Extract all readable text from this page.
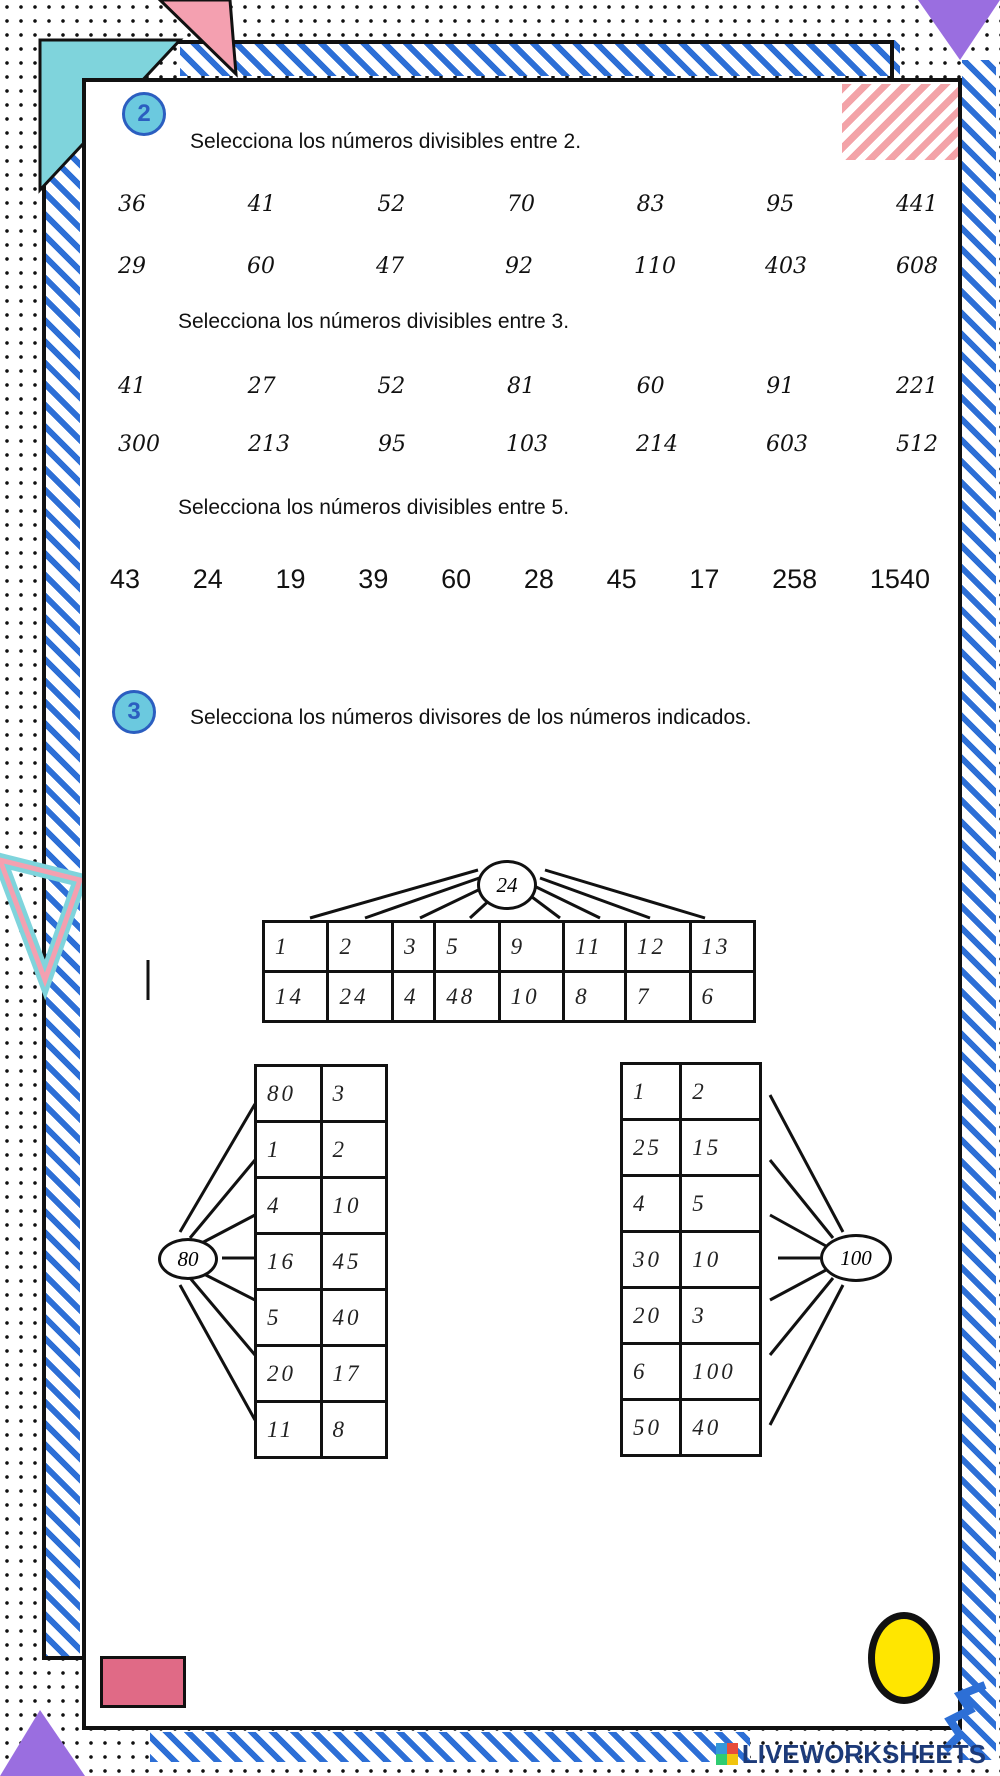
2
Selecciona los números divisibles entre 2.
36	41	52	70	83	95	441
29	60	47	92	110	403	608
Selecciona los números divisibles entre 3.
41	27	52	81	60	91	221
300	213	95	103	214	603	512
Selecciona los números divisibles entre 5.
43 24 19 39 60 28 45 17 258 1540
3	Selecciona los números divisores de los números indicados.
24
1	2	3	5	9	11	12	13
14	24	4	48	10	8	7	6
80
80	3
1	2
4	10
16	45
5	40
20	17
11	8
100
1	2
25	15
4	5
30	10
20	3
6	100
50	40
LIVEWORKSHEETS
